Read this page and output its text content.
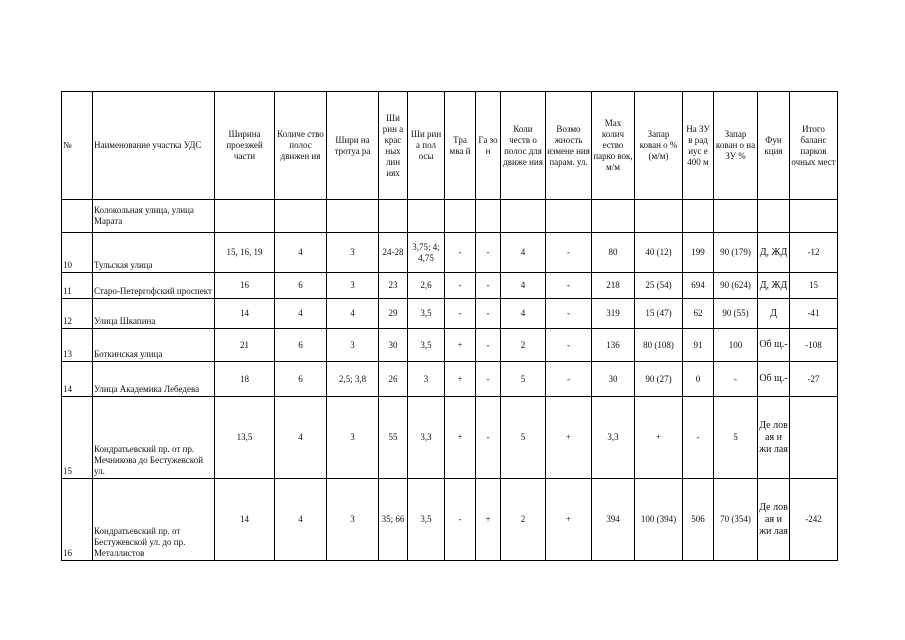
№	Наименование участка УДС	Ширина проезжей части	Количе ство полос движен ия	Шири на тротуа ра	Ши рин а крас ных лин иях	Ши рин а пол осы	Тра мва й	Га зо н	Коли честв о полос для движе ния	Возмо жность измене ния парам. ул.	Max колич ество парко вок, м/м	Запар кован о % (м/м)	На ЗУ в рад иус е 400 м	Запар кован о на ЗУ %	Фун кция	Итого баланс парков очных мест
	Колокольная улица, улица Марата															
10	Тульская улица	15, 16, 19	4	3	24-28	3,75; 4; 4,75	-	-	4	-	80	40 (12)	199	90 (179)	Д, ЖД	-12
11	Старо-Петергофский проспект	16	6	3	23	2,6	-	-	4	-	218	25 (54)	694	90 (624)	Д, ЖД	15
12	Улица Шкапина	14	4	4	29	3,5	-	-	4	-	319	15 (47)	62	90 (55)	Д	-41
13	Боткинская улица	21	6	3	30	3,5	+	-	2	-	136	80 (108)	91	100	Об щ.-	-108
14	Улица Академика Лебедева	18	6	2,5; 3,8	26	3	+	-	5	-	30	90 (27)	0	-	Об щ.-	-27
15	Кондратьевский пр. от пр. Мечникова до Бестужевской ул.	13,5	4	3	55	3,3	+	-	5	+	3,3	+	-	5	Де лов ая и жи лая	
16	Кондратьевский пр. от Бестужевской ул. до пр. Металлистов	14	4	3	35; 66	3,5	-	+	2	+	394	100 (394)	506	70 (354)	Де лов ая и жи лая	-242
